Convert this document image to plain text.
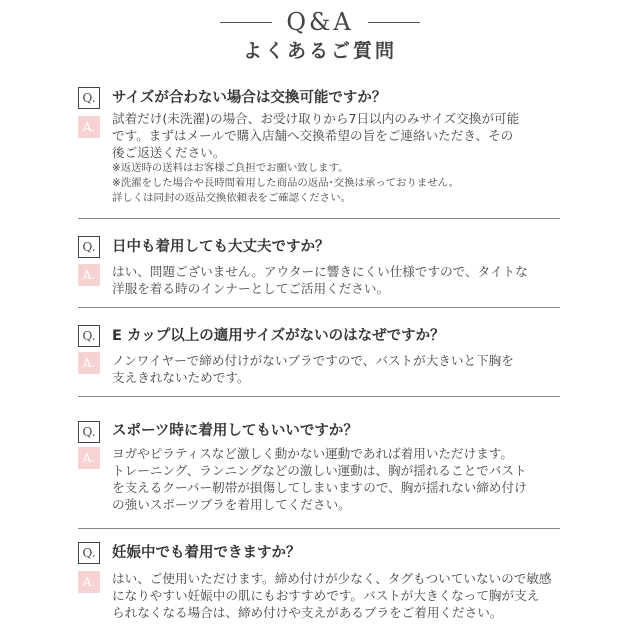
Q&A
よくあるご質問
Q.	サイズが合わない場合は交換可能ですか？
A.
試着だけ(未洗濯)の場合、お受け取りから7日以内のみサイズ交換が可能
です。まずはメールで購入店舗へ交換希望の旨をご連絡いただき、その
後ご返送ください。
※返送時の送料はお客様ご負担でお願い致します。
※洗濯をした場合や長時間着用した商品の返品･交換は承っておりません。
詳しくは同封の返品交換依頼表をご確認ください。
Q.	日中も着用しても大丈夫ですか？
A.	はい、問題ございません。アウターに響きにくい仕様ですので、タイトな
洋服を着る時のインナーとしてご活用ください。
Q.	E カップ以上の適用サイズがないのはなぜですか？
A.	ノンワイヤーで締め付けがないブラですので、バストが大きいと下胸を
支えきれないためです。
Q.	スポーツ時に着用してもいいですか？
A.	ヨガやピラティスなど激しく動かない運動であれば着用いただけます。
トレーニング、ランニングなどの激しい運動は、胸が揺れることでバスト
を支えるクーパー靭帯が損傷してしまいますので、胸が揺れない締め付け
の強いスポーツブラを着用してください。
Q.	妊娠中でも着用できますか？
A.	はい、ご使用いただけます。締め付けが少なく、タグもついていないので敏感
になりやすい妊娠中の肌にもおすすめです。バストが大きくなって胸が支え
られなくなる場合は、締め付けや支えがあるブラをご着用ください。
